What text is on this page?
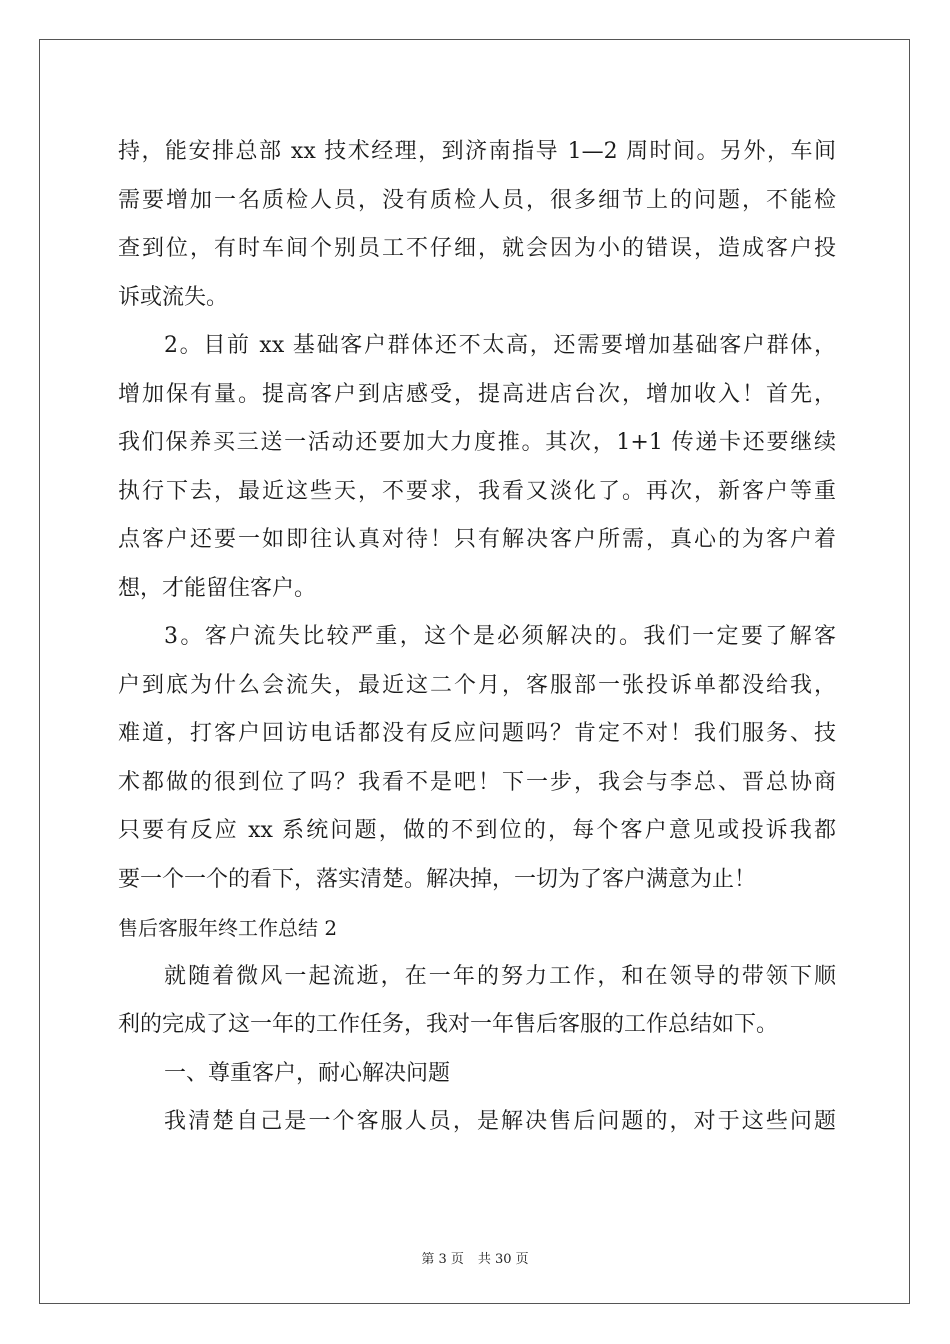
持，能安排总部 xx 技术经理，到济南指导 1—2 周时间。另外，车间
需要增加一名质检人员，没有质检人员，很多细节上的问题，不能检
查到位，有时车间个别员工不仔细，就会因为小的错误，造成客户投
诉或流失。
2。目前 xx 基础客户群体还不太高，还需要增加基础客户群体，
增加保有量。提高客户到店感受，提高进店台次，增加收入！首先，
我们保养买三送一活动还要加大力度推。其次，1+1 传递卡还要继续
执行下去，最近这些天，不要求，我看又淡化了。再次，新客户等重
点客户还要一如即往认真对待！只有解决客户所需，真心的为客户着
想，才能留住客户。
3。客户流失比较严重，这个是必须解决的。我们一定要了解客
户到底为什么会流失，最近这二个月，客服部一张投诉单都没给我，
难道，打客户回访电话都没有反应问题吗？肯定不对！我们服务、技
术都做的很到位了吗？我看不是吧！下一步，我会与李总、晋总协商
只要有反应 xx 系统问题，做的不到位的，每个客户意见或投诉我都
要一个一个的看下，落实清楚。解决掉，一切为了客户满意为止！
售后客服年终工作总结 2
就随着微风一起流逝，在一年的努力工作，和在领导的带领下顺
利的完成了这一年的工作任务，我对一年售后客服的工作总结如下。
一、尊重客户，耐心解决问题
我清楚自己是一个客服人员，是解决售后问题的，对于这些问题
第 3 页 共 30 页
